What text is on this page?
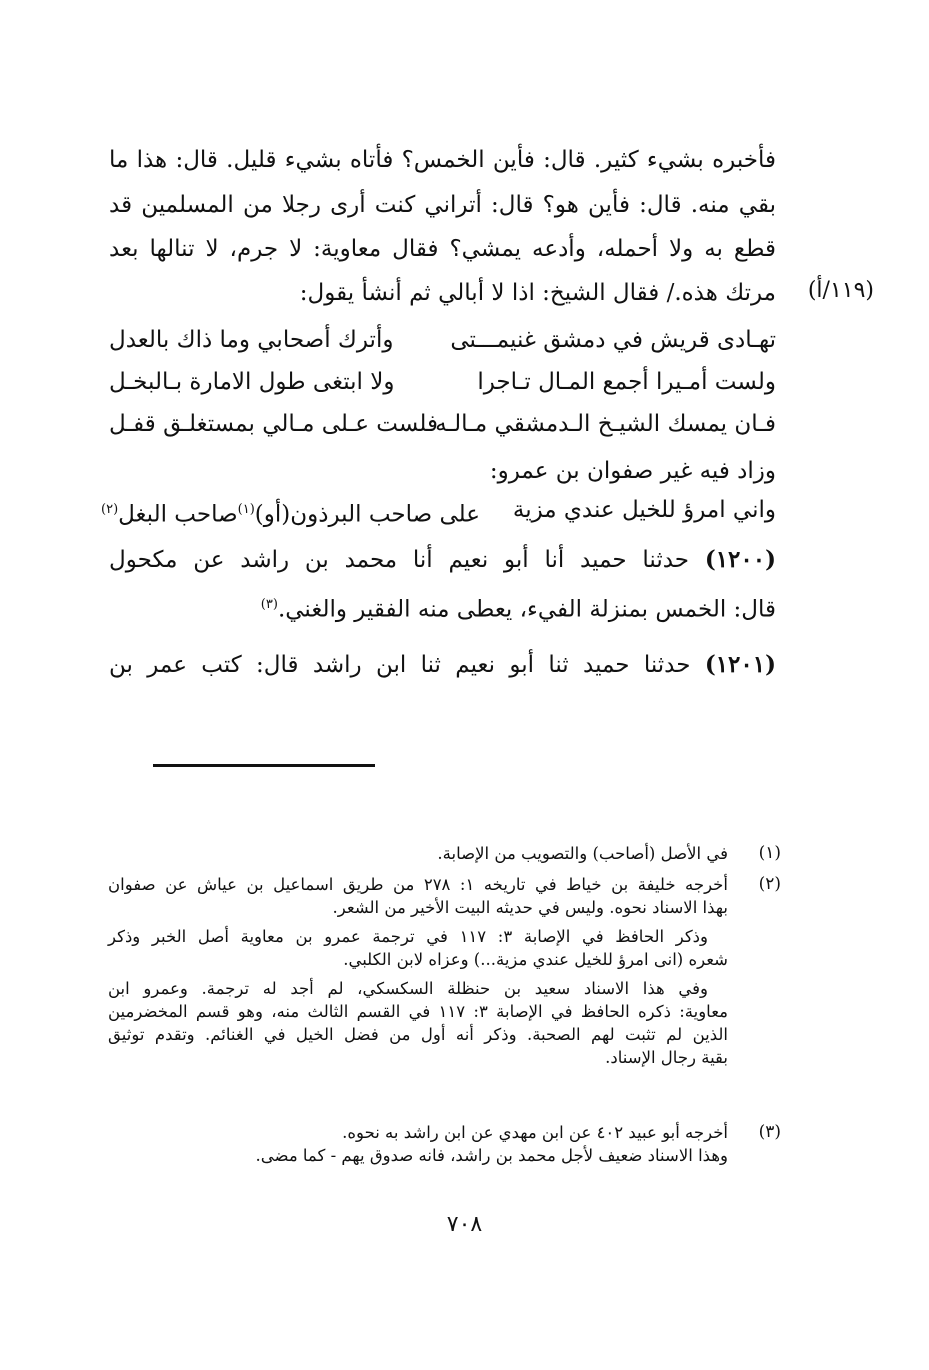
فأخبره بشيء كثير. قال: فأين الخمس؟ فأتاه بشيء قليل. قال: هذا ما
بقي منه. قال: فأين هو؟ قال: أتراني كنت أرى رجلا من المسلمين قد
قطع به ولا أحمله، وأدعه يمشي؟ فقال معاوية: لا جرم، لا تنالها بعد
مرتك هذه./ فقال الشيخ: اذا لا أبالي ثم أنشأ يقول: (١١٩/أ)
تهـادى قريش في دمشق غنيمـــتى
وأترك أصحابي وما ذاك بالعدل
ولست أمـيرا أجمع المـال تـاجرا
ولا ابتغى طول الامارة بـالبخـل
فـان يمسك الشيـخ الـدمشقي مـالـه
فلست عـلى مـالي بمستغلـق قفـل
وزاد فيه غير صفوان بن عمرو:
واني امرؤ للخيل عندي مزية
على صاحب البرذون(أو)$^{(١)}$صاحب البغل$^{(٢)}$
(١٢٠٠) حدثنا حميد أنا أبو نعيم أنا محمد بن راشد عن مكحول
قال: الخمس بمنزلة الفيء، يعطى منه الفقير والغني.$^{(٣)}$
(١٢٠١) حدثنا حميد ثنا أبو نعيم ثنا ابن راشد قال: كتب عمر بن
(١)
في الأصل (أصاحب) والتصويب من الإصابة.
(٢)
أخرجه خليفة بن خياط في تاريخه ١: ٢٧٨ من طريق اسماعيل بن عياش عن صفوان
بهذا الاسناد نحوه. وليس في حديثه البيت الأخير من الشعر.
وذكر الحافظ في الإصابة ٣: ١١٧ في ترجمة عمرو بن معاوية أصل الخبر وذكر
شعره (انى امرؤ للخيل عندي مزية...) وعزاه لابن الكلبي.
وفي هذا الاسناد سعيد بن حنظلة السكسكي، لم أجد له ترجمة. وعمرو ابن
معاوية: ذكره الحافظ في الإصابة ٣: ١١٧ في القسم الثالث منه، وهو قسم المخضرمين
الذين لم تثبت لهم الصحبة. وذكر أنه أول من فضل الخيل في الغنائم. وتقدم توثيق
بقية رجال الإسناد.
(٣)
أخرجه أبو عبيد ٤٠٢ عن ابن مهدي عن ابن راشد به نحوه.
وهذا الاسناد ضعيف لأجل محمد بن راشد، فانه صدوق يهم - كما مضى.
٧٠٨
